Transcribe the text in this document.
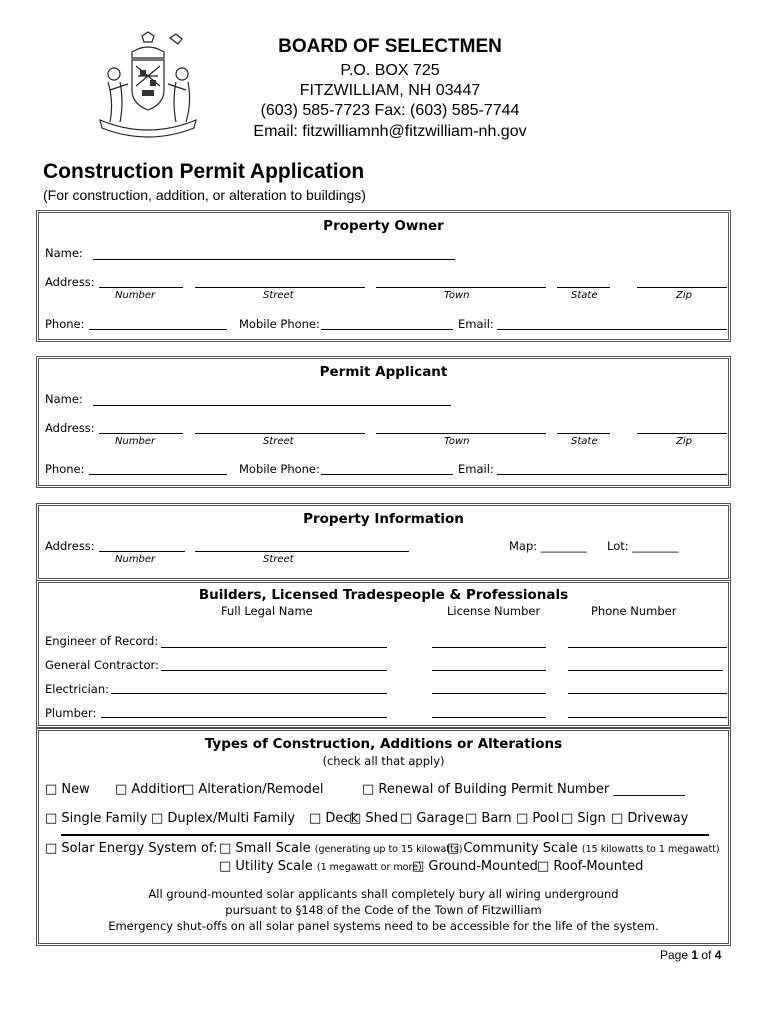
BOARD OF SELECTMEN
P.O. BOX 725
FITZWILLIAM, NH 03447
(603) 585-7723 Fax: (603) 585-7744
Email: fitzwilliamnh@fitzwilliam-nh.gov
Construction Permit Application
(For construction, addition, or alteration to buildings)
Property Owner
Name:
Address:
Number	Street	Town	State	Zip
Phone:	Mobile Phone:	Email:
Permit Applicant
Name:
Address:
Number	Street	Town	State	Zip
Phone:	Mobile Phone:	Email:
Property Information
Address:
Number	Street
Map: ________ Lot: ________
Builders, Licensed Tradespeople & Professionals
Full Legal Name	License Number	Phone Number
Engineer of Record:
General Contractor:
Electrician:
Plumber:
Types of Construction, Additions or Alterations
(check all that apply)
□ New □ Addition
□ Alteration/Remodel	□ Renewal of Building Permit Number ___________
□ Single Family □ Duplex/Multi Family □ Deck
□ Shed □ Garage □ Barn □ Pool □ Sign □ Driveway
□ Solar Energy System of: □ Small Scale (generating up to 15 kilowatts)
□ Community Scale (15 kilowatts to 1 megawatt)
□ Utility Scale (1 megawatt or more)
□ Ground-Mounted □ Roof-Mounted
All ground-mounted solar applicants shall completely bury all wiring underground
pursuant to §148 of the Code of the Town of Fitzwilliam
Emergency shut-offs on all solar panel systems need to be accessible for the life of the system.
Page 1 of 4
